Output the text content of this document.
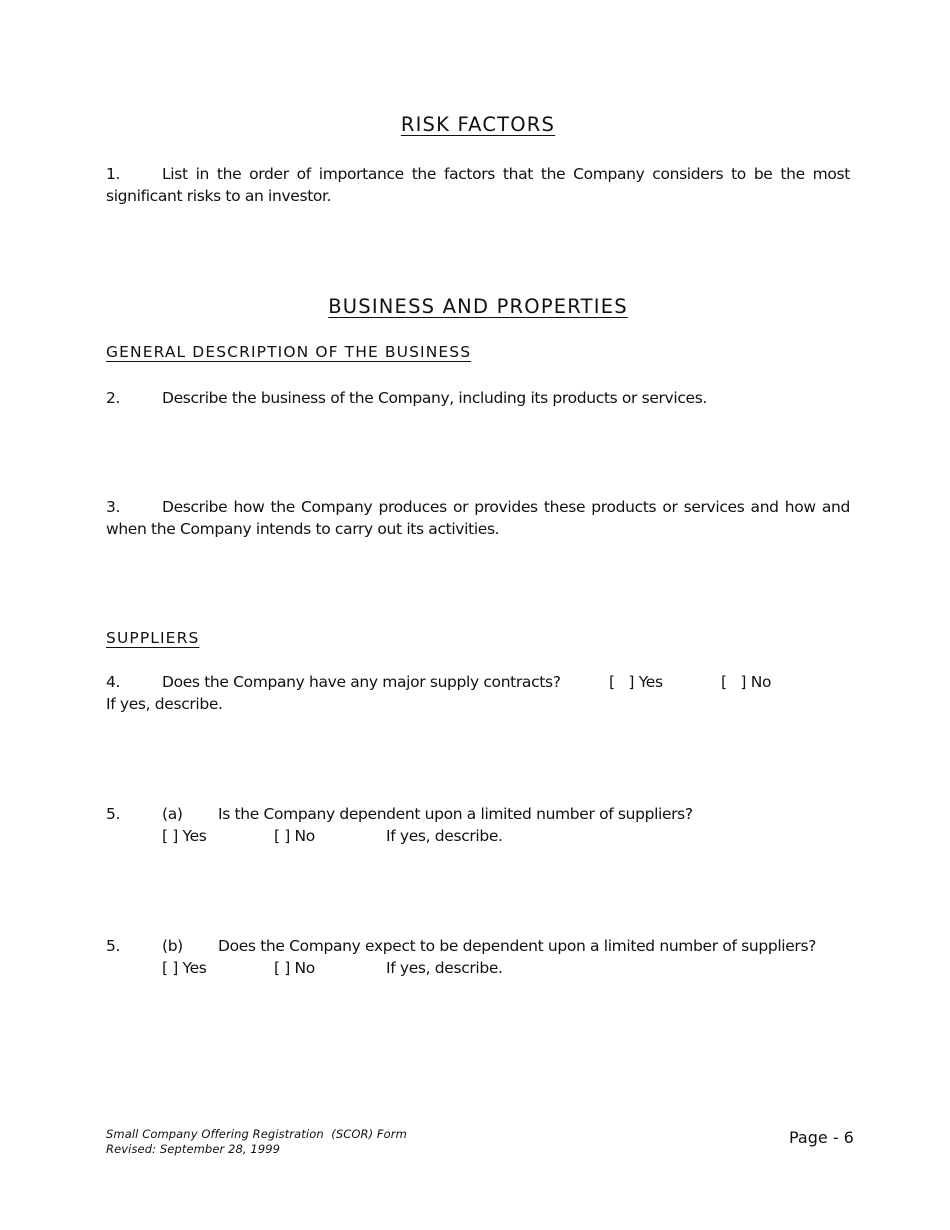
RISK FACTORS
1.	List in the order of importance the factors that the Company considers to be the most
significant risks to an investor.
BUSINESS AND PROPERTIES
GENERAL DESCRIPTION OF THE BUSINESS
2.	Describe the business of the Company, including its products or services.
3.	Describe how the Company produces or provides these products or services and how and
when the Company intends to carry out its activities.
SUPPLIERS
4.	Does the Company have any major supply contracts?	[   ] Yes	[   ] No
If yes, describe.
5.	(a) Is the Company dependent upon a limited number of suppliers?
[ ] Yes	[ ] No	If yes, describe.
5.	(b) Does the Company expect to be dependent upon a limited number of suppliers?
[ ] Yes	[ ] No	If yes, describe.
Small Company Offering Registration  (SCOR) Form
Revised: September 28, 1999
Page - 6
